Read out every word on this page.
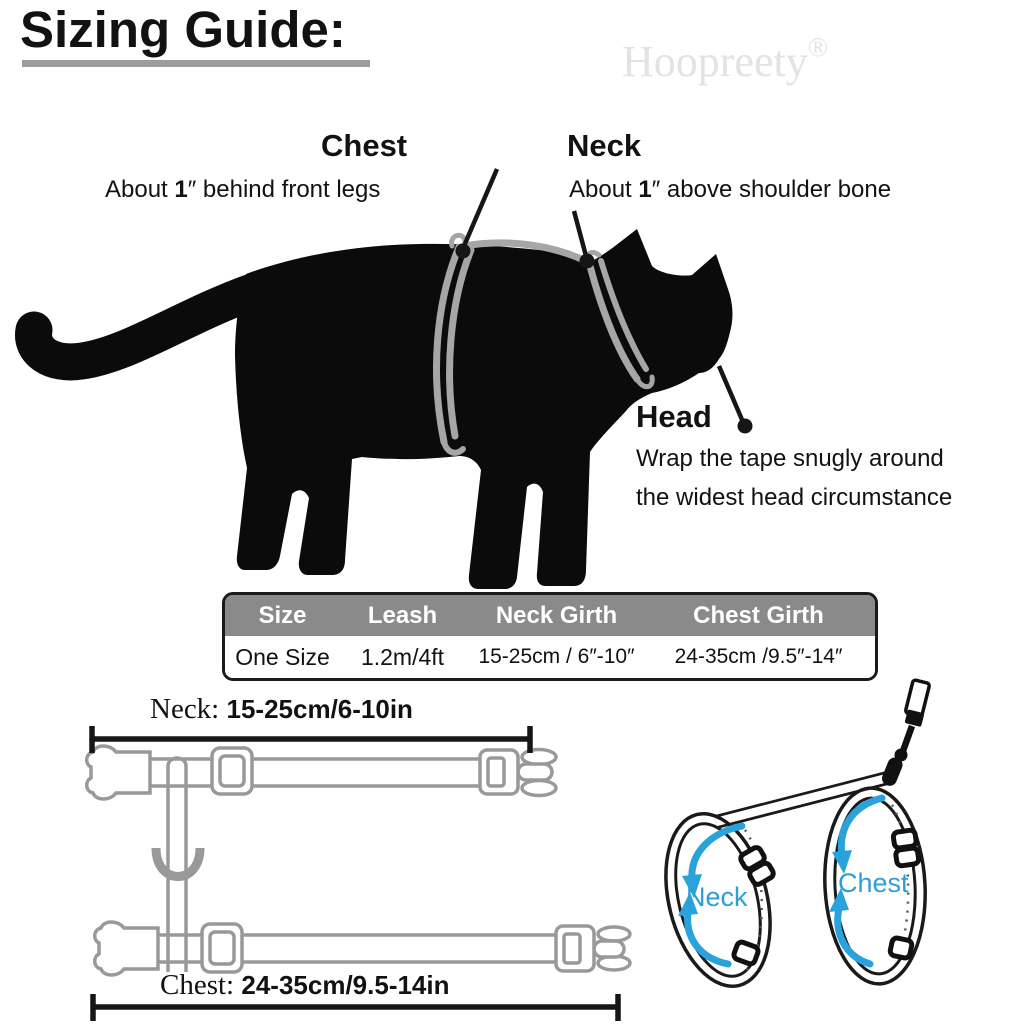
Sizing Guide:
Hoopreety®
Chest
About 1″ behind front legs
Neck
About 1″ above shoulder bone
Head
Wrap the tape snugly around
the widest head circumstance
Size	Leash	Neck Girth	Chest Girth
One Size	1.2m/4ft	15-25cm / 6″-10″	24-35cm /9.5″-14″
Neck: 15-25cm/6-10in
Chest: 24-35cm/9.5-14in
Neck	Chest
